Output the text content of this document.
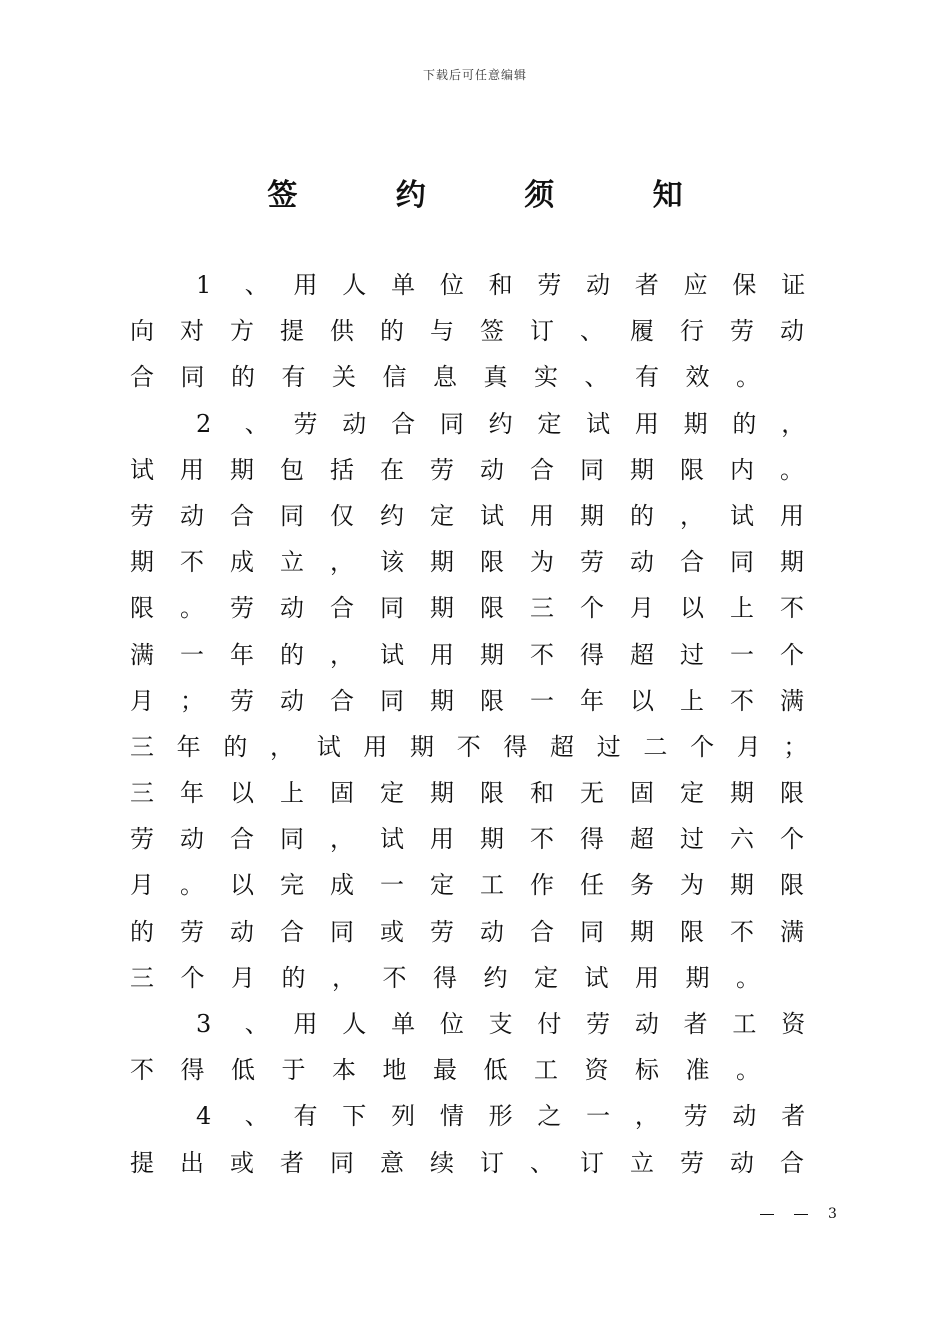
下载后可任意编辑
签 约 须 知
1	、	用	人	单	位	和	劳	动	者	应	保	证
向	对	方	提	供	的	与	签	订	、	履	行	劳	动
合	同	的	有	关	信	息	真	实	、	有	效	。
2	、	劳	动	合	同	约	定	试	用	期	的	，
试	用	期	包	括	在	劳	动	合	同	期	限	内	。
劳	动	合	同	仅	约	定	试	用	期	的	，	试	用
期	不	成	立	，	该	期	限	为	劳	动	合	同	期
限	。	劳	动	合	同	期	限	三	个	月	以	上	不
满	一	年	的	，	试	用	期	不	得	超	过	一	个
月	；	劳	动	合	同	期	限	一	年	以	上	不	满
三 年 的 ， 试 用 期 不 得 超 过 二 个 月 ；
三	年	以	上	固	定	期	限	和	无	固	定	期	限
劳	动	合	同	，	试	用	期	不	得	超	过	六	个
月	。	以	完	成	一	定	工	作	任	务	为	期	限
的	劳	动	合	同	或	劳	动	合	同	期	限	不	满
三	个	月	的	，	不	得	约	定	试	用	期	。
3	、	用	人	单	位	支	付	劳	动	者	工	资
不	得	低	于	本	地	最	低	工	资	标	准	。
4	、	有	下	列	情	形	之	一	，	劳	动	者
提	出	或	者	同	意	续	订	、	订	立	劳	动	合
3
